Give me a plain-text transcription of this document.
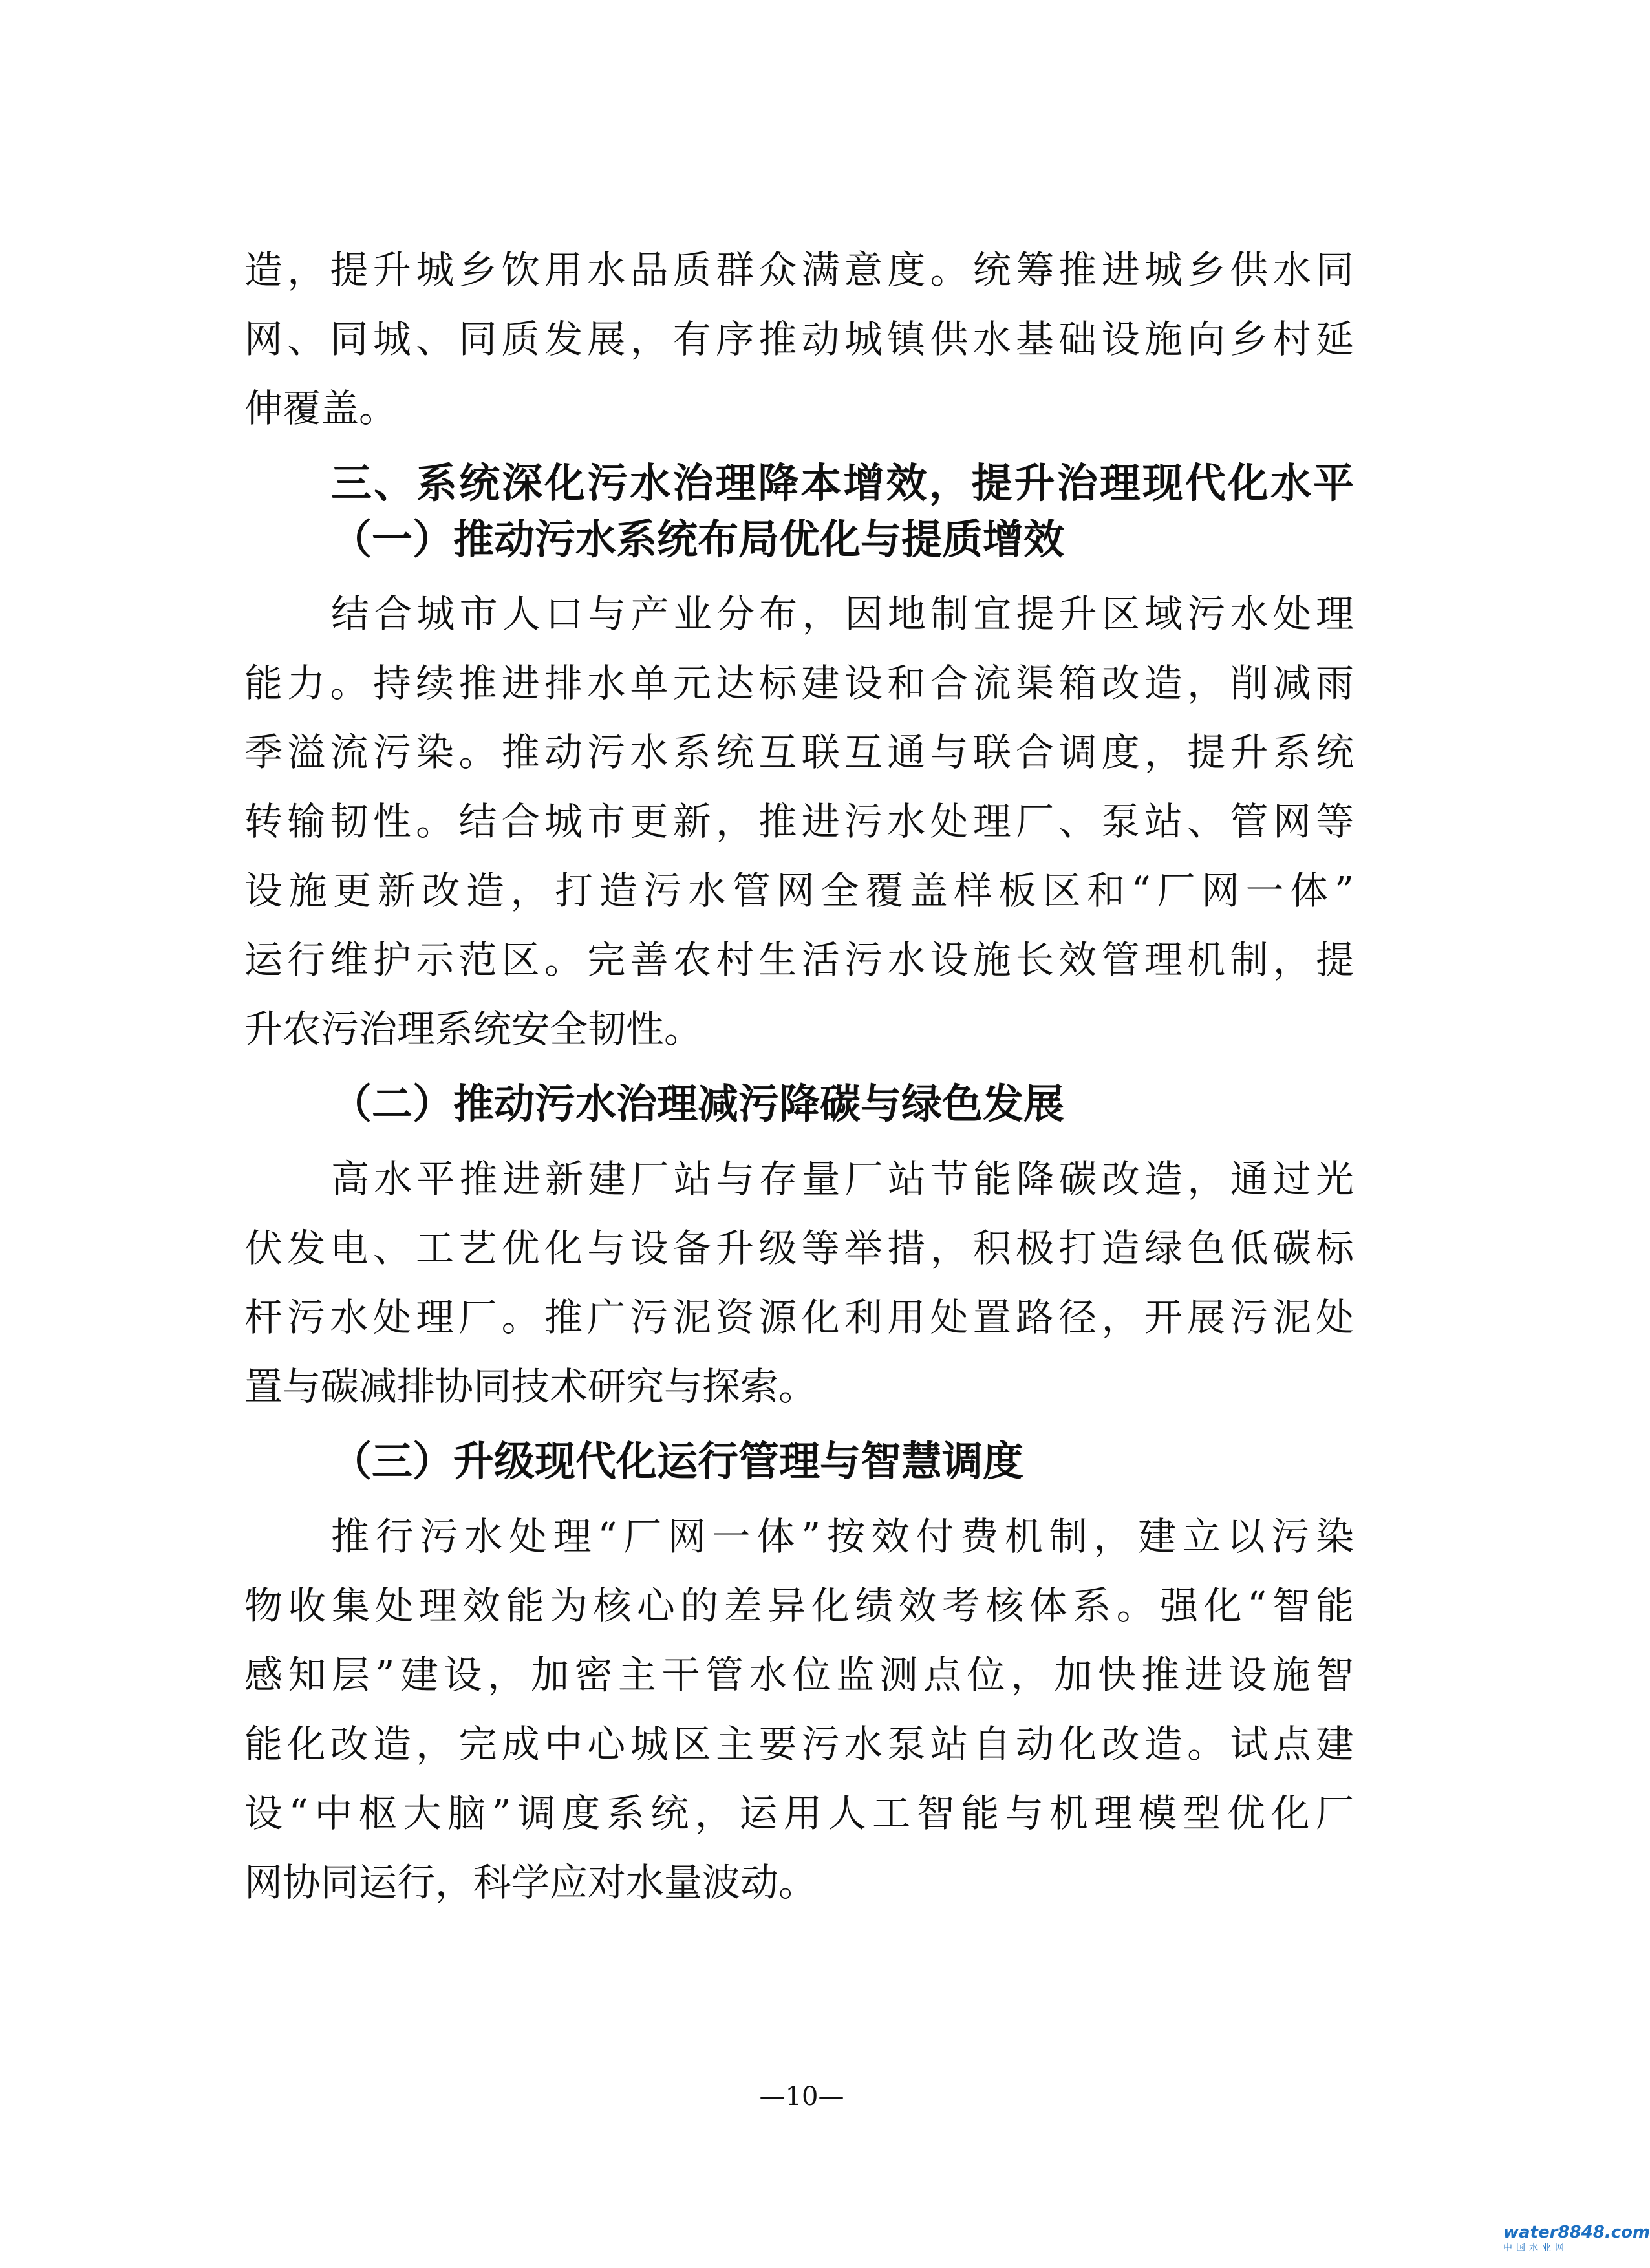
造，提升城乡饮用水品质群众满意度。统筹推进城乡供水同
网、同城、同质发展，有序推动城镇供水基础设施向乡村延
伸覆盖。
三、系统深化污水治理降本增效，提升治理现代化水平
（一）推动污水系统布局优化与提质增效
结合城市人口与产业分布，因地制宜提升区域污水处理
能力。持续推进排水单元达标建设和合流渠箱改造，削减雨
季溢流污染。推动污水系统互联互通与联合调度，提升系统
转输韧性。结合城市更新，推进污水处理厂、泵站、管网等
设施更新改造，打造污水管网全覆盖样板区和“厂网一体”
运行维护示范区。完善农村生活污水设施长效管理机制，提
升农污治理系统安全韧性。
（二）推动污水治理减污降碳与绿色发展
高水平推进新建厂站与存量厂站节能降碳改造，通过光
伏发电、工艺优化与设备升级等举措，积极打造绿色低碳标
杆污水处理厂。推广污泥资源化利用处置路径，开展污泥处
置与碳减排协同技术研究与探索。
（三）升级现代化运行管理与智慧调度
推行污水处理“厂网一体”按效付费机制，建立以污染
物收集处理效能为核心的差异化绩效考核体系。强化“智能
感知层”建设，加密主干管水位监测点位，加快推进设施智
能化改造，完成中心城区主要污水泵站自动化改造。试点建
设“中枢大脑”调度系统，运用人工智能与机理模型优化厂
网协同运行，科学应对水量波动。
—10—
water8848.com
中国水业网
